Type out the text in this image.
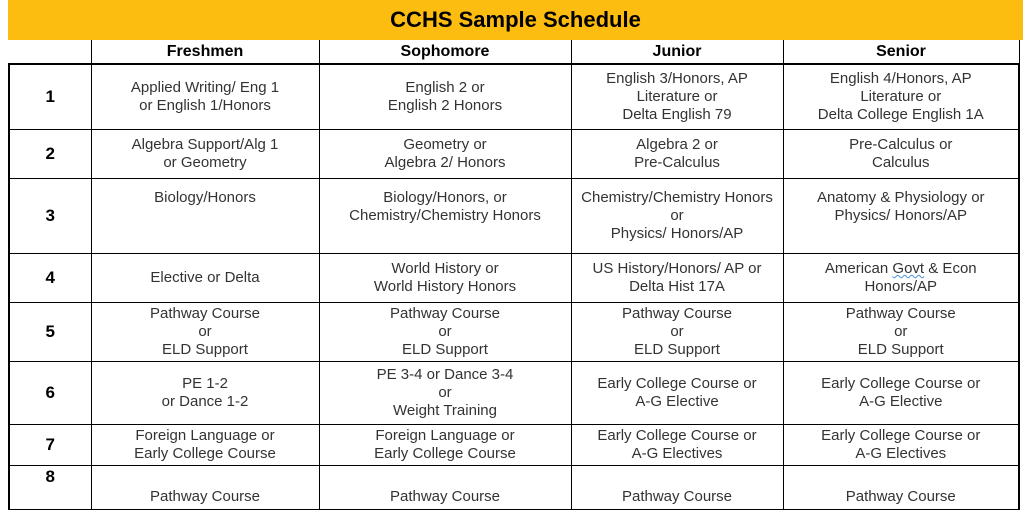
CCHS Sample Schedule
	Freshmen	Sophomore	Junior	Senior
1	Applied Writing/ Eng 1
or English 1/Honors	English 2 or
English 2 Honors	English 3/Honors, AP
Literature or
Delta English 79	English 4/Honors, AP
Literature or
Delta College English 1A

2	Algebra Support/Alg 1
or Geometry	Geometry or
Algebra 2/ Honors	Algebra 2 or
Pre-Calculus	Pre-Calculus or
Calculus

3	Biology/Honors	Biology/Honors, or
Chemistry/Chemistry Honors	Chemistry/Chemistry Honors
or
Physics/ Honors/AP	Anatomy & Physiology or
Physics/ Honors/AP

4	Elective or Delta	World History or
World History Honors	US History/Honors/ AP or
Delta Hist 17A	American Govt & Econ
Honors/AP

5	Pathway Course
or
ELD Support	Pathway Course
or
ELD Support	Pathway Course
or
ELD Support	Pathway Course
or
ELD Support

6	PE 1-2
or Dance 1-2	PE 3-4 or Dance 3-4
or
Weight Training	Early College Course or
A-G Elective	Early College Course or
A-G Elective

7	Foreign Language or
Early College Course	Foreign Language or
Early College Course	Early College Course or
A-G Electives	Early College Course or
A-G Electives

8	Pathway Course	Pathway Course	Pathway Course	Pathway Course
